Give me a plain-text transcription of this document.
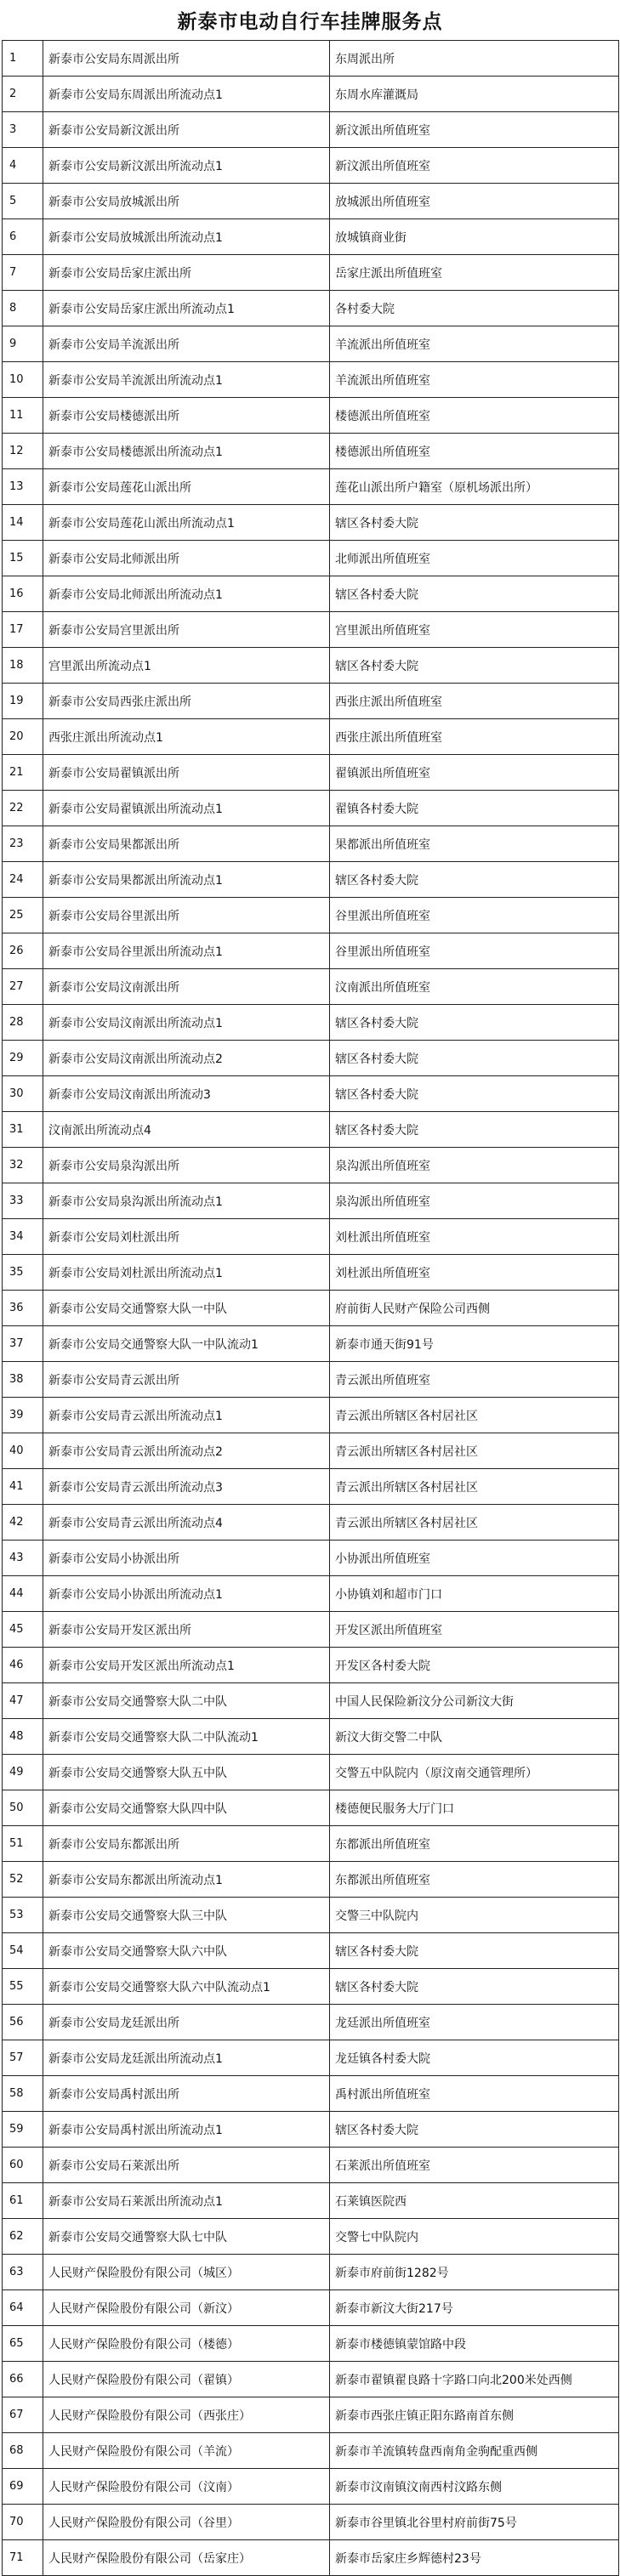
新泰市电动自行车挂牌服务点
1	新泰市公安局东周派出所	东周派出所
2	新泰市公安局东周派出所流动点1	东周水库灌溉局
3	新泰市公安局新汶派出所	新汶派出所值班室
4	新泰市公安局新汶派出所流动点1	新汶派出所值班室
5	新泰市公安局放城派出所	放城派出所值班室
6	新泰市公安局放城派出所流动点1	放城镇商业街
7	新泰市公安局岳家庄派出所	岳家庄派出所值班室
8	新泰市公安局岳家庄派出所流动点1	各村委大院
9	新泰市公安局羊流派出所	羊流派出所值班室
10	新泰市公安局羊流派出所流动点1	羊流派出所值班室
11	新泰市公安局楼德派出所	楼德派出所值班室
12	新泰市公安局楼德派出所流动点1	楼德派出所值班室
13	新泰市公安局莲花山派出所	莲花山派出所户籍室（原机场派出所）
14	新泰市公安局莲花山派出所流动点1	辖区各村委大院
15	新泰市公安局北师派出所	北师派出所值班室
16	新泰市公安局北师派出所流动点1	辖区各村委大院
17	新泰市公安局宫里派出所	宫里派出所值班室
18	宫里派出所流动点1	辖区各村委大院
19	新泰市公安局西张庄派出所	西张庄派出所值班室
20	西张庄派出所流动点1	西张庄派出所值班室
21	新泰市公安局翟镇派出所	翟镇派出所值班室
22	新泰市公安局翟镇派出所流动点1	翟镇各村委大院
23	新泰市公安局果都派出所	果都派出所值班室
24	新泰市公安局果都派出所流动点1	辖区各村委大院
25	新泰市公安局谷里派出所	谷里派出所值班室
26	新泰市公安局谷里派出所流动点1	谷里派出所值班室
27	新泰市公安局汶南派出所	汶南派出所值班室
28	新泰市公安局汶南派出所流动点1	辖区各村委大院
29	新泰市公安局汶南派出所流动点2	辖区各村委大院
30	新泰市公安局汶南派出所流动3	辖区各村委大院
31	汶南派出所流动点4	辖区各村委大院
32	新泰市公安局泉沟派出所	泉沟派出所值班室
33	新泰市公安局泉沟派出所流动点1	泉沟派出所值班室
34	新泰市公安局刘杜派出所	刘杜派出所值班室
35	新泰市公安局刘杜派出所流动点1	刘杜派出所值班室
36	新泰市公安局交通警察大队一中队	府前街人民财产保险公司西侧
37	新泰市公安局交通警察大队一中队流动1	新泰市通天街91号
38	新泰市公安局青云派出所	青云派出所值班室
39	新泰市公安局青云派出所流动点1	青云派出所辖区各村居社区
40	新泰市公安局青云派出所流动点2	青云派出所辖区各村居社区
41	新泰市公安局青云派出所流动点3	青云派出所辖区各村居社区
42	新泰市公安局青云派出所流动点4	青云派出所辖区各村居社区
43	新泰市公安局小协派出所	小协派出所值班室
44	新泰市公安局小协派出所流动点1	小协镇刘和超市门口
45	新泰市公安局开发区派出所	开发区派出所值班室
46	新泰市公安局开发区派出所流动点1	开发区各村委大院
47	新泰市公安局交通警察大队二中队	中国人民保险新汶分公司新汶大街
48	新泰市公安局交通警察大队二中队流动1	新汶大街交警二中队
49	新泰市公安局交通警察大队五中队	交警五中队院内（原汶南交通管理所）
50	新泰市公安局交通警察大队四中队	楼德便民服务大厅门口
51	新泰市公安局东都派出所	东都派出所值班室
52	新泰市公安局东都派出所流动点1	东都派出所值班室
53	新泰市公安局交通警察大队三中队	交警三中队院内
54	新泰市公安局交通警察大队六中队	辖区各村委大院
55	新泰市公安局交通警察大队六中队流动点1	辖区各村委大院
56	新泰市公安局龙廷派出所	龙廷派出所值班室
57	新泰市公安局龙廷派出所流动点1	龙廷镇各村委大院
58	新泰市公安局禹村派出所	禹村派出所值班室
59	新泰市公安局禹村派出所流动点1	辖区各村委大院
60	新泰市公安局石莱派出所	石莱派出所值班室
61	新泰市公安局石莱派出所流动点1	石莱镇医院西
62	新泰市公安局交通警察大队七中队	交警七中队院内
63	人民财产保险股份有限公司（城区）	新泰市府前街1282号
64	人民财产保险股份有限公司（新汶）	新泰市新汶大街217号
65	人民财产保险股份有限公司（楼德）	新泰市楼德镇蒙馆路中段
66	人民财产保险股份有限公司（翟镇）	新泰市翟镇翟良路十字路口向北200米处西侧
67	人民财产保险股份有限公司（西张庄）	新泰市西张庄镇正阳东路南首东侧
68	人民财产保险股份有限公司（羊流）	新泰市羊流镇转盘西南角金驹配重西侧
69	人民财产保险股份有限公司（汶南）	新泰市汶南镇汶南西村汶路东侧
70	人民财产保险股份有限公司（谷里）	新泰市谷里镇北谷里村府前街75号
71	人民财产保险股份有限公司（岳家庄）	新泰市岳家庄乡辉德村23号
